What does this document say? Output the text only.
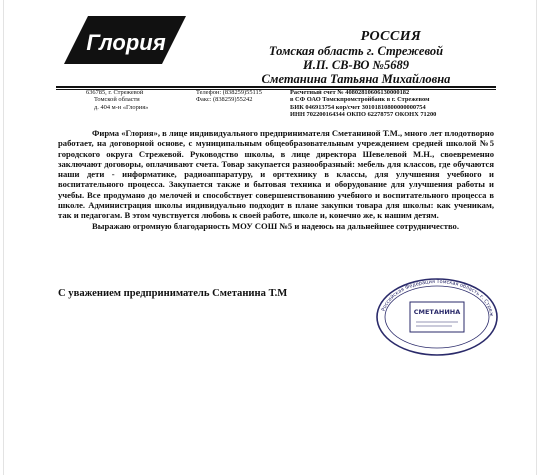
Глория	РОССИЯ
Томская область г. Стрежевой
И.П. СВ-ВО №5689
Сметанина Татьяна Михайловна
636785, г. Стрежевой
Томской области
д. 404 м-н «Глория»
Телефон: (838259)55115
Факс: (838259)55242
Расчетный счет № 40802810606130000182
в СФ ОАО Томскпромстройбанк в г. Стрежевом
БИК 046913754 кор/счет 30101810800000000754
ИНН 702200164344 ОКПО 62278757 ОКОНХ 71200

Фирма «Глория», в лице индивидуального предпринимателя Сметаниной Т.М., много лет плодотворно работает, на договорной основе, с муниципальным общеобразовательным учреждением средней школой №5 городского округа Стрежевой. Руководство школы, в лице директора Шевелевой М.Н., своевременно заключают договоры, оплачивают счета. Товар закупается разнообразный: мебель для классов, где обучаются наши дети - информатике, радиоаппаратуру, и оргтехнику в классы, для улучшения учебного и воспитательного процесса. Закупается также и бытовая техника и оборудование для улучшения работы и учебы. Все продумано до мелочей и способствует совершенствованию учебного и воспитательного процесса в школе. Администрация школы индивидуально подходит в плане закупки товара для школы: как ученикам, так и педагогам. В этом чувствуется любовь к своей работе, школе и, конечно же, к нашим детям.

Выражаю огромную благодарность МОУ СОШ №5 и надеюсь на дальнейшее сотрудничество.

С уважением предприниматель Сметанина Т.М
СМЕТАНИНА
Российская Федерация Томская область г. Стреж
